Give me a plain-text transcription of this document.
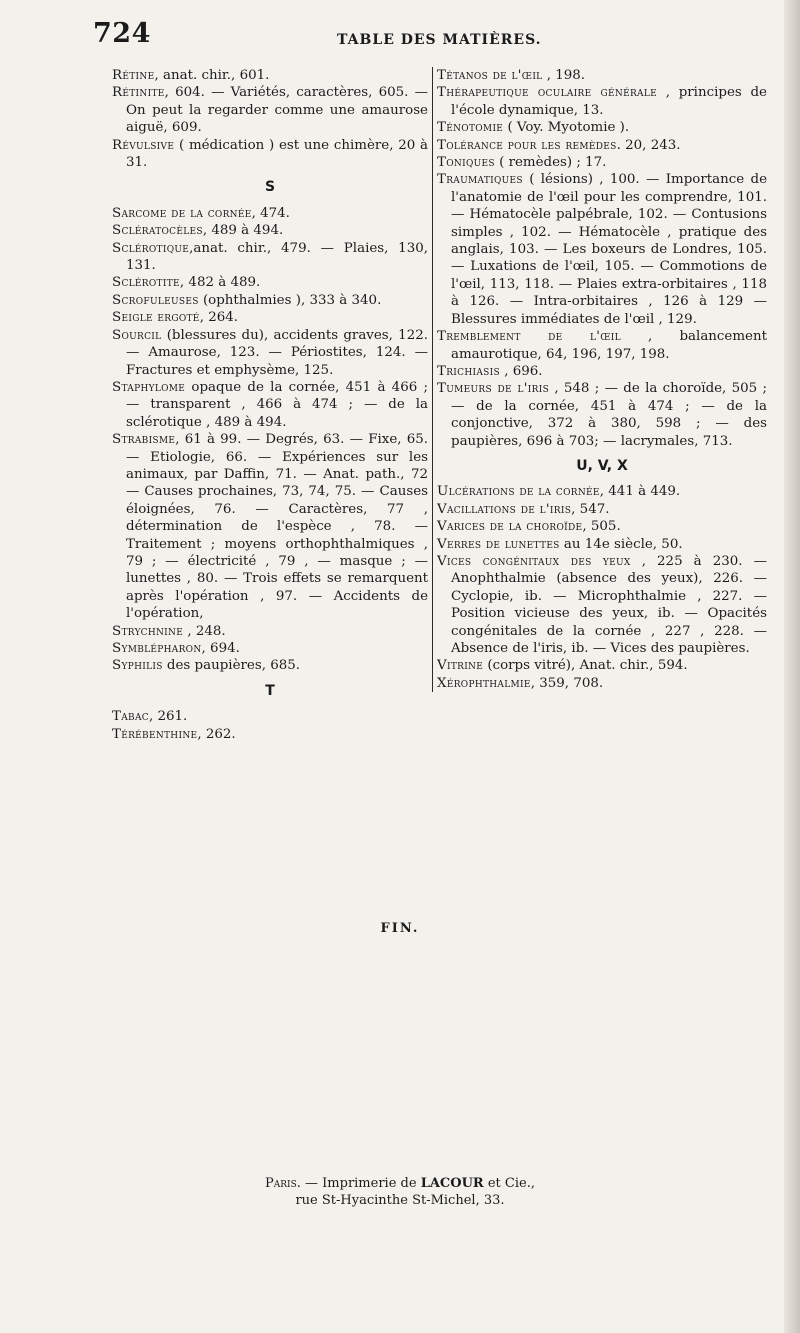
724	TABLE DES MATIÈRES.

Rétine, anat. chir., 601.

Rétinite, 604. — Variétés, caractères, 605. — On peut la regarder comme une amaurose aiguë, 609.

Révulsive ( médication ) est une chimère, 20 à 31.

S

Sarcome de la cornée, 474.

Sclératocèles, 489 à 494.

Sclérotique,anat. chir., 479. — Plaies, 130, 131.

Sclérotite, 482 à 489.

Scrofuleuses (ophthalmies ), 333 à 340.

Seigle ergoté, 264.

Sourcil (blessures du), accidents graves, 122. — Amaurose, 123. — Périostites, 124. — Fractures et emphysème, 125.

Staphylome opaque de la cornée, 451 à 466 ; — transparent , 466 à 474 ; — de la sclérotique , 489 à 494.

Strabisme, 61 à 99. — Degrés, 63. — Fixe, 65. — Etiologie, 66. — Expériences sur les animaux, par Daffin, 71. — Anat. path., 72 — Causes prochaines, 73, 74, 75. — Causes éloignées, 76. — Caractères, 77 , détermination de l'espèce , 78. — Traitement ; moyens orthophthalmiques , 79 ; — électricité , 79 , — masque ; — lunettes , 80. — Trois effets se remarquent après l'opération , 97. — Accidents de l'opération,

Strychnine , 248.

Symblépharon, 694.

Syphilis des paupières, 685.

T

Tabac, 261.

Térébenthine, 262.

Tétanos de l'œil , 198.

Thérapeutique oculaire générale , principes de l'école dynamique, 13.

Ténotomie ( Voy. Myotomie ).

Tolérance pour les remèdes. 20, 243.

Toniques ( remèdes) ; 17.

Traumatiques ( lésions) , 100. — Importance de l'anatomie de l'œil pour les comprendre, 101. — Hématocèle palpébrale, 102. — Contusions simples , 102. — Hématocèle , pratique des anglais, 103. — Les boxeurs de Londres, 105. — Luxations de l'œil, 105. — Commotions de l'œil, 113, 118. — Plaies extra-orbitaires , 118 à 126. — Intra-orbitaires , 126 à 129 — Blessures immédiates de l'œil , 129.

Tremblement de l'œil , balancement amaurotique, 64, 196, 197, 198.

Trichiasis , 696.

Tumeurs de l'iris , 548 ; — de la choroïde, 505 ; — de la cornée, 451 à 474 ; — de la conjonctive, 372 à 380, 598 ; — des paupières, 696 à 703; — lacrymales, 713.

U, V, X

Ulcérations de la cornée, 441 à 449.

Vacillations de l'iris, 547.

Varices de la choroïde, 505.

Verres de lunettes au 14e siècle, 50.

Vices congénitaux des yeux , 225 à 230. — Anophthalmie (absence des yeux), 226. — Cyclopie, ib. — Microphthalmie , 227. — Position vicieuse des yeux, ib. — Opacités congénitales de la cornée , 227 , 228. — Absence de l'iris, ib. — Vices des paupières.

Vitrine (corps vitré), Anat. chir., 594.

Xérophthalmie, 359, 708.

FIN.
Paris. — Imprimerie de LACOUR et Cie.,
rue St-Hyacinthe St-Michel, 33.
